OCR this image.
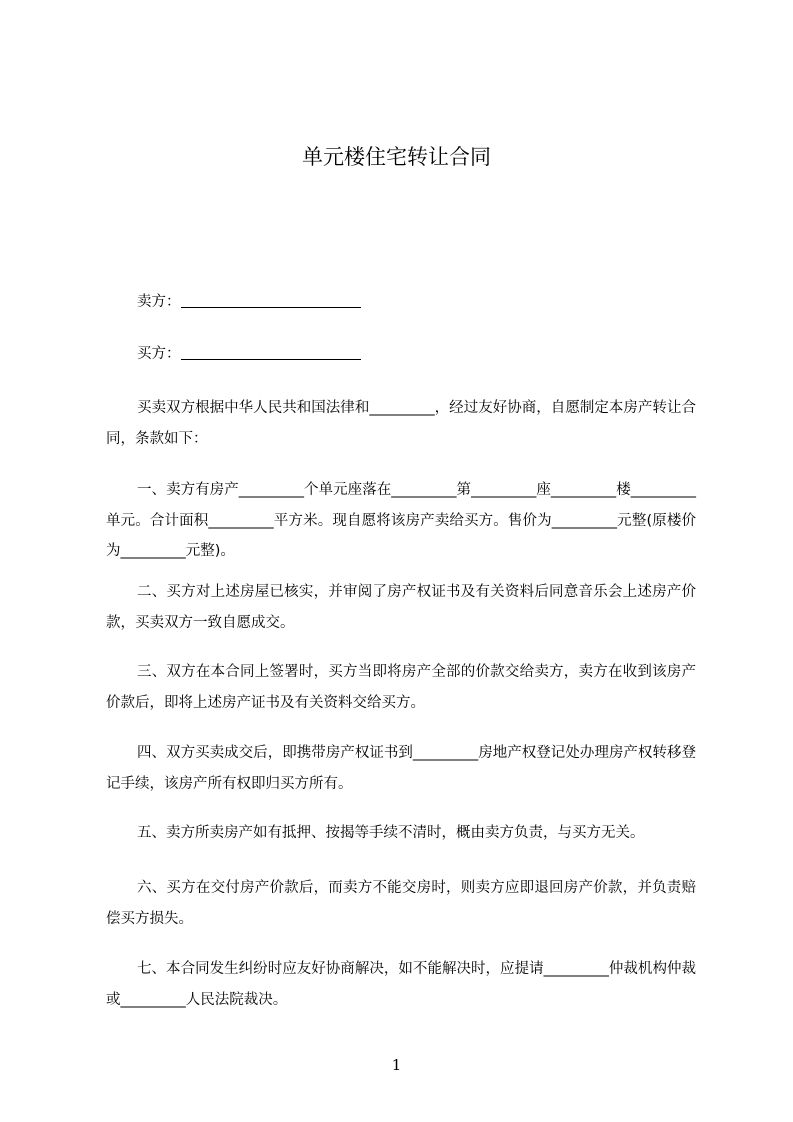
单元楼住宅转让合同
卖方：
买方：

买卖双方根据中华人民共和国法律和_________，经过友好协商，自愿制定本房产转让合同，条款如下：

一、卖方有房产_________个单元座落在_________第_________座_________楼_________单元。合计面积_________平方米。现自愿将该房产卖给买方。售价为_________元整(原楼价为_________元整)。

二、买方对上述房屋已核实，并审阅了房产权证书及有关资料后同意音乐会上述房产价款，买卖双方一致自愿成交。

三、双方在本合同上签署时，买方当即将房产全部的价款交给卖方，卖方在收到该房产价款后，即将上述房产证书及有关资料交给买方。

四、双方买卖成交后，即携带房产权证书到_________房地产权登记处办理房产权转移登记手续，该房产所有权即归买方所有。

五、卖方所卖房产如有抵押、按揭等手续不清时，概由卖方负责，与买方无关。

六、买方在交付房产价款后，而卖方不能交房时，则卖方应即退回房产价款，并负责赔偿买方损失。

七、本合同发生纠纷时应友好协商解决，如不能解决时，应提请_________仲裁机构仲裁或_________人民法院裁决。

1
